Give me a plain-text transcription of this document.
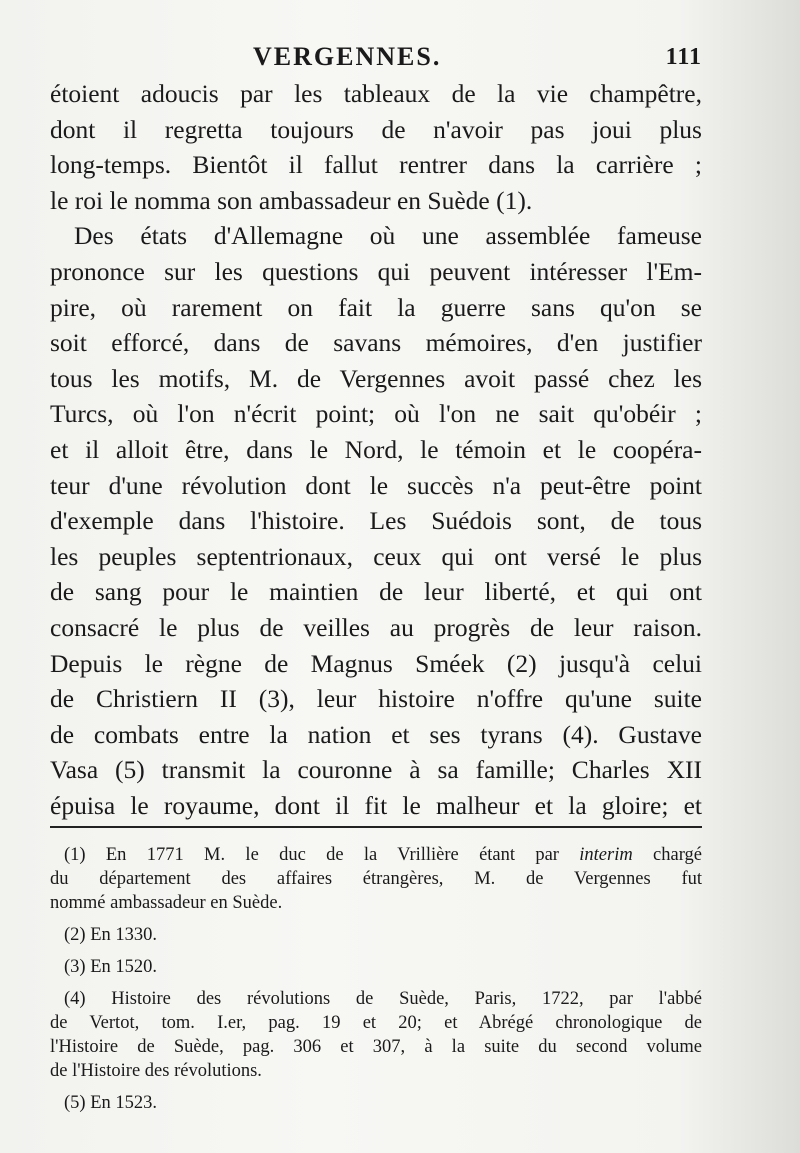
VERGENNES.	111
étoient adoucis par les tableaux de la vie champêtre,
dont il regretta toujours de n'avoir pas joui plus
long-temps. Bientôt il fallut rentrer dans la carrière ;
le roi le nomma son ambassadeur en Suède (1).
Des états d'Allemagne où une assemblée fameuse
prononce sur les questions qui peuvent intéresser l'Em-
pire, où rarement on fait la guerre sans qu'on se
soit efforcé, dans de savans mémoires, d'en justifier
tous les motifs, M. de Vergennes avoit passé chez les
Turcs, où l'on n'écrit point; où l'on ne sait qu'obéir ;
et il alloit être, dans le Nord, le témoin et le coopéra-
teur d'une révolution dont le succès n'a peut-être point
d'exemple dans l'histoire. Les Suédois sont, de tous
les peuples septentrionaux, ceux qui ont versé le plus
de sang pour le maintien de leur liberté, et qui ont
consacré le plus de veilles au progrès de leur raison.
Depuis le règne de Magnus Sméek (2) jusqu'à celui
de Christiern II (3), leur histoire n'offre qu'une suite
de combats entre la nation et ses tyrans (4). Gustave
Vasa (5) transmit la couronne à sa famille; Charles XII
épuisa le royaume, dont il fit le malheur et la gloire; et
(1) En 1771 M. le duc de la Vrillière étant par interim chargé
du département des affaires étrangères, M. de Vergennes fut
nommé ambassadeur en Suède.
(2) En 1330.
(3) En 1520.
(4) Histoire des révolutions de Suède, Paris, 1722, par l'abbé
de Vertot, tom. I.er, pag. 19 et 20; et Abrégé chronologique de
l'Histoire de Suède, pag. 306 et 307, à la suite du second volume
de l'Histoire des révolutions.
(5) En 1523.
